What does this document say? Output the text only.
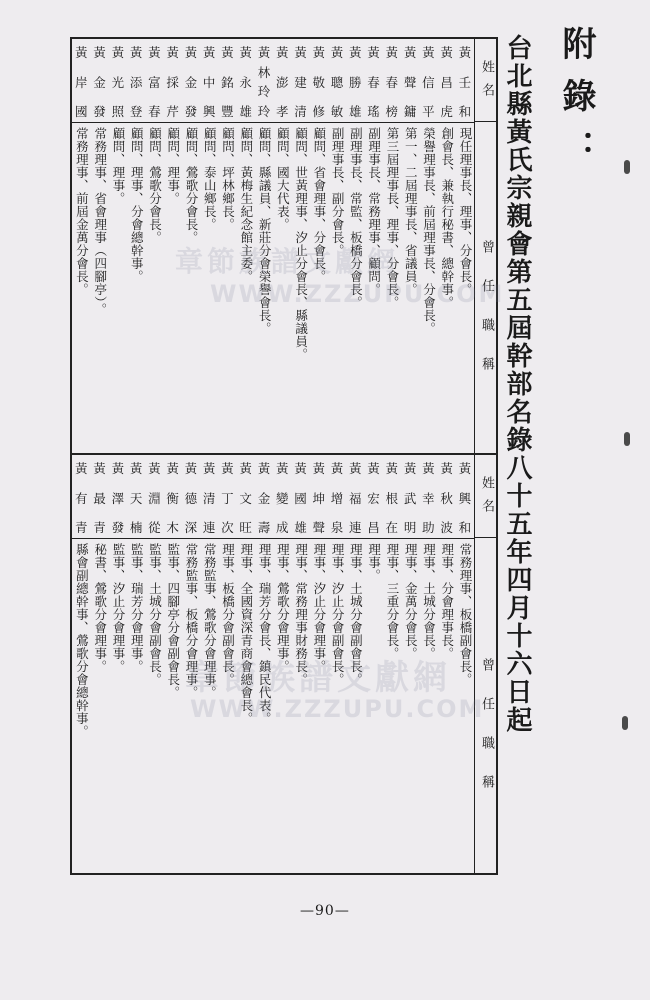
附錄：
台北縣黃氏宗親會第五屆幹部名錄八十五年四月十六日起
姓名
曾任職稱
黃
壬
和
現任理事長、理事、分會長。
黃
昌
虎
創會長、兼執行秘書、總幹事。
黃
信
平
榮譽理事長、前屆理事長、分會長。
黃
聲
鏞
第一、二屆理事長、省議員。
黃
春
榜
第三屆理事長、理事、分會長。
黃
春
瑤
副理事長、常務理事、顧問。
黃
勝
雄
副理事長、常監、板橋分會長。
黃
聰
敏
副理事長、副分會長。
黃
敬
修
顧問、省會理事、分會長。
黃
建
清
顧問、世黃理事、汐止分會長、縣議員。
黃
澎
孝
顧問、國大代表。
黃
林
玲
玲
顧問、縣議員、新莊分會榮譽會長。
黃
永
雄
顧問、黃梅生紀念館主委。
黃
銘
豐
顧問、坪林鄉長。
黃
中
興
顧問、泰山鄉長。
黃
金
發
顧問、鶯歌分會長。
黃
採
芹
顧問、理事。
黃
富
春
顧問、鶯歌分會長。
黃
添
登
顧問、理事、分會總幹事。
黃
光
照
顧問、理事。
黃
金
發
常務理事、省會理事（四腳亭）。
黃
岸
國
常務理事、前屆金萬分會長。
姓名
曾任職稱
黃
興
和
常務理事、板橋副會長。
黃
秋
波
理事、分會理事長。
黃
幸
助
理事、土城分會長。
黃
武
明
理事、金萬分會長。
黃
根
在
理事、三重分會長。
黃
宏
昌
理事。
黃
福
連
理事、土城分會副會長。
黃
增
泉
理事、汐止分會副會長。
黃
坤
聲
理事、汐止分會理事。
黃
國
雄
理事、常務理事財務長。
黃
變
成
理事、鶯歌分會理事。
黃
金
壽
理事、瑞芳分會長、鎮民代表。
黃
文
旺
理事、全國資深青商會總會長。
黃
丁
次
理事、板橋分會副會長。
黃
清
連
常務監事、鶯歌分會理事。
黃
德
深
常務監事、板橋分會理事。
黃
衡
木
監事、四腳亭分會副會長。
黃
淵
從
監事、土城分會副會長。
黃
天
楠
監事、瑞芳分會理事。
黃
澤
發
監事、汐止分會理事。
黃
最
青
秘書、鶯歌分會理事。
黃
有
青
縣會副總幹事、鶯歌分會總幹事。
章節族譜文獻網
WWW.ZZZUPU.COM
章節族譜文獻網
WWW.ZZZUPU.COM
—90—
